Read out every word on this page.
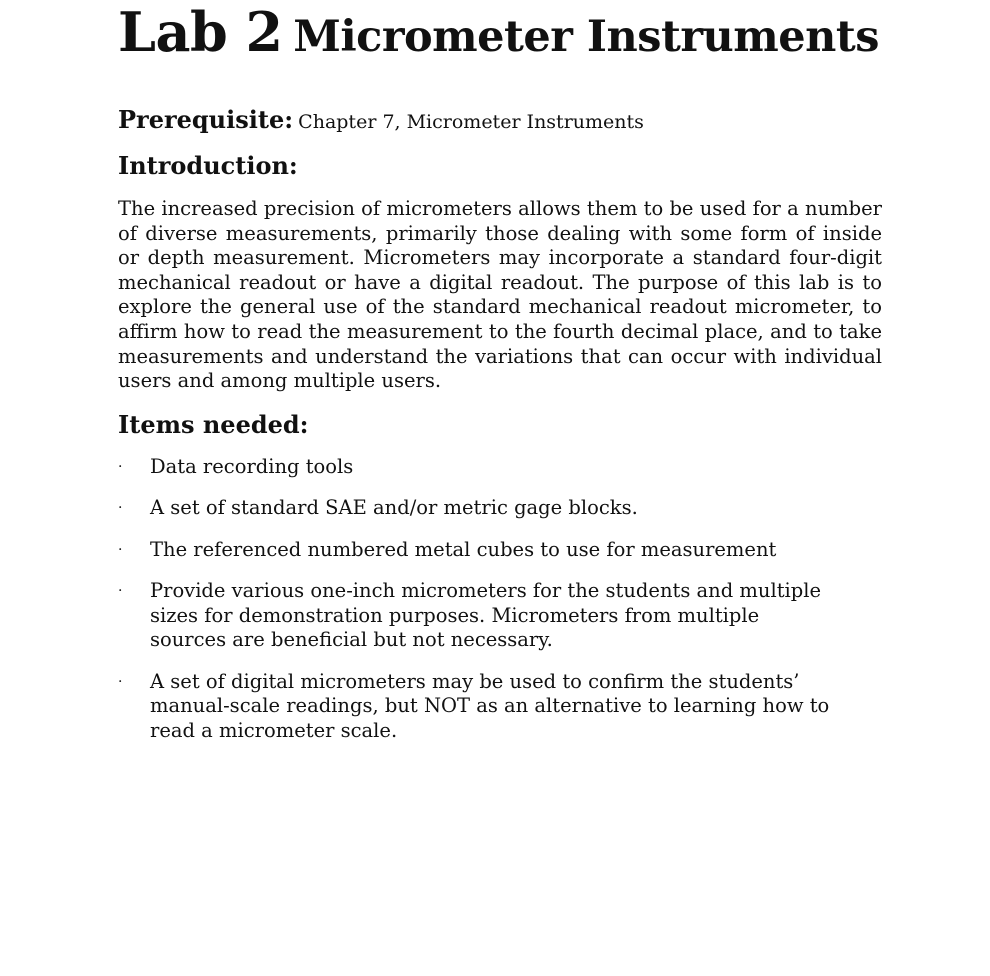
Lab 2 Micrometer Instruments
Prerequisite: Chapter 7, Micrometer Instruments
Introduction:

The increased precision of micrometers allows them to be used for a number of diverse measurements, primarily those dealing with some form of inside or depth measurement. Micrometers may incorporate a standard four-digit mechanical readout or have a digital readout. The purpose of this lab is to explore the general use of the standard mechanical readout micrometer, to affirm how to read the measurement to the fourth decimal place, and to take measurements and understand the variations that can occur with individual users and among multiple users.

Items needed:
· Data recording tools
· A set of standard SAE and/or metric gage blocks.
· The referenced numbered metal cubes to use for measurement
· Provide various one-inch micrometers for the students and multiple sizes for demonstration purposes. Micrometers from multiple sources are beneficial but not necessary.
· A set of digital micrometers may be used to confirm the students’ manual-scale readings, but NOT as an alternative to learning how to read a micrometer scale.
